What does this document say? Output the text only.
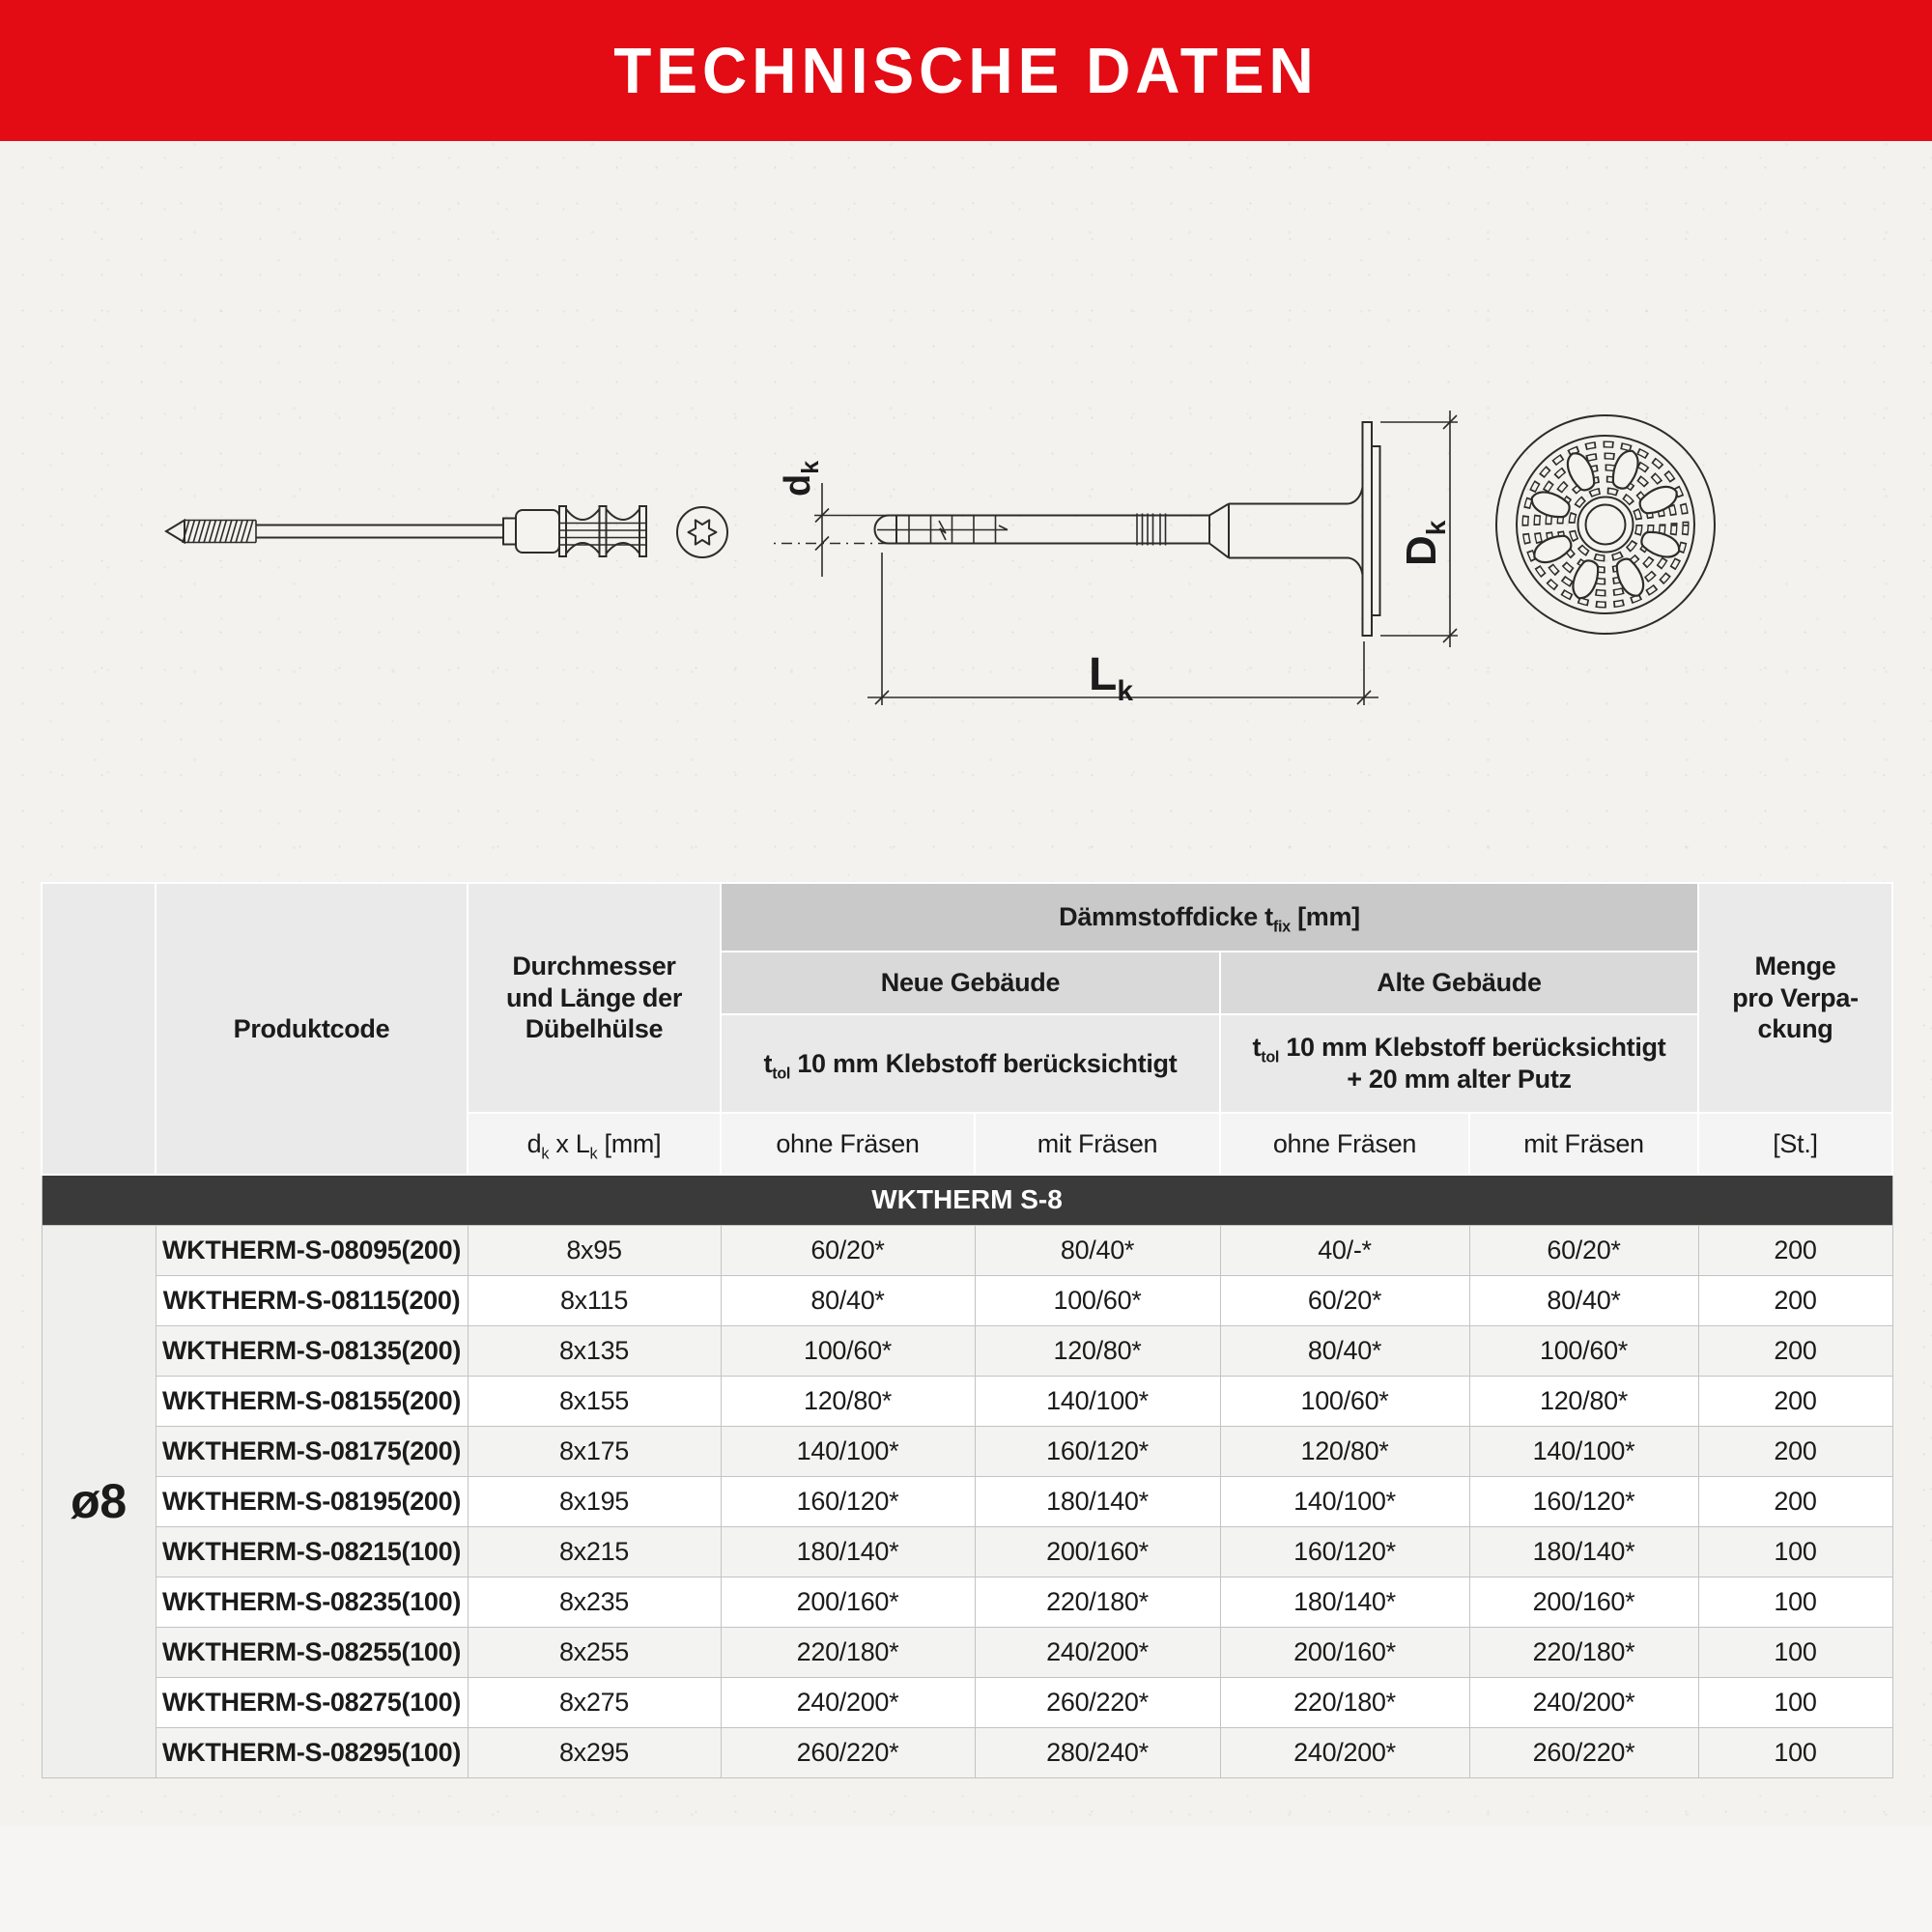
TECHNISCHE DATEN
$d_k$
$L_k$
$D_k$
	Produktcode	
Durchmesser
und Länge der
Dübelhülse
	Dämmstoffdicke $t_{fix}$ [mm]	
Menge
pro Verpa-
ckung

			Neue Gebäude		Alte Gebäude		
			$t_{tol}$ 10 mm Klebstoff berücksichtigt		$t_{tol}$ 10 mm Klebstoff berücksichtigt
+ 20 mm alter Putz		

		$d_k$ x $L_k$ [mm]	ohne Fräsen	mit Fräsen	ohne Fräsen	mit Fräsen	[St.]
WKTHERM S-8							
ø8	WKTHERM-S-08095(200)	8x95	60/20*	80/40*	40/-*	60/20*	200
	WKTHERM-S-08115(200)	8x115	80/40*	100/60*	60/20*	80/40*	200
	WKTHERM-S-08135(200)	8x135	100/60*	120/80*	80/40*	100/60*	200
	WKTHERM-S-08155(200)	8x155	120/80*	140/100*	100/60*	120/80*	200
	WKTHERM-S-08175(200)	8x175	140/100*	160/120*	120/80*	140/100*	200
	WKTHERM-S-08195(200)	8x195	160/120*	180/140*	140/100*	160/120*	200
	WKTHERM-S-08215(100)	8x215	180/140*	200/160*	160/120*	180/140*	100
	WKTHERM-S-08235(100)	8x235	200/160*	220/180*	180/140*	200/160*	100
	WKTHERM-S-08255(100)	8x255	220/180*	240/200*	200/160*	220/180*	100
	WKTHERM-S-08275(100)	8x275	240/200*	260/220*	220/180*	240/200*	100
	WKTHERM-S-08295(100)	8x295	260/220*	280/240*	240/200*	260/220*	100
